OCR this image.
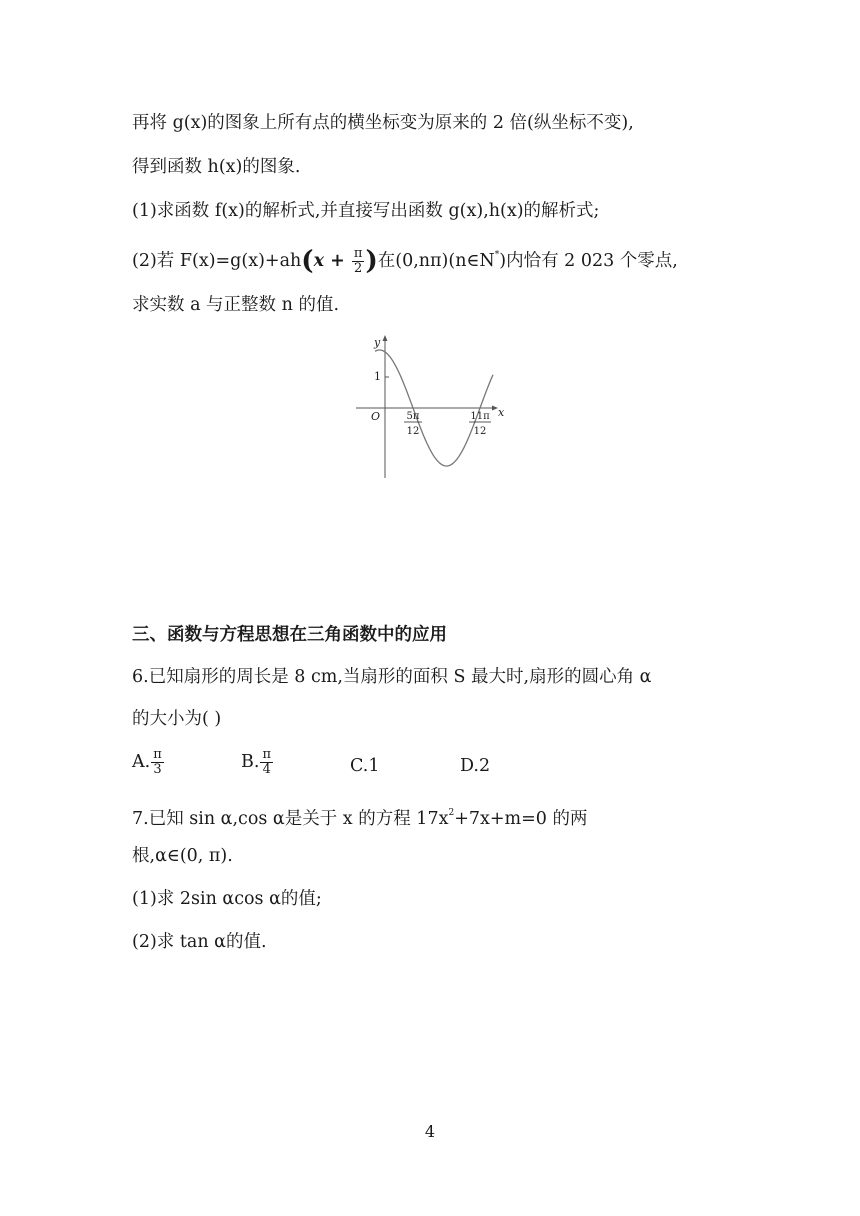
再将 g(x)的图象上所有点的横坐标变为原来的 2 倍(纵坐标不变),
得到函数 h(x)的图象.
(1)求函数 f(x)的解析式,并直接写出函数 g(x),h(x)的解析式;
(2)若 $F(x)=g(x)+ah(x + \frac{\pi}{2}$ )在(0,nπ)(n∈N*)内恰有 2 023 个零点,
求实数 a 与正整数 n 的值.
y
x
O
1
5π
12
11π
12
三、函数与方程思想在三角函数中的应用
6.已知扇形的周长是 8 cm,当扇形的面积 S 最大时,扇形的圆心角 α
的大小为( )
A. $\frac{\pi}{3}$	B. $\frac{\pi}{4}$	C.1	D.2
7.已知 sin α,cos α是关于 x 的方程 $17x^2+7x+m=0$ 的两
根,α∈(0, π).
(1)求 2sin αcos α的值;
(2)求 tan α的值.
4
